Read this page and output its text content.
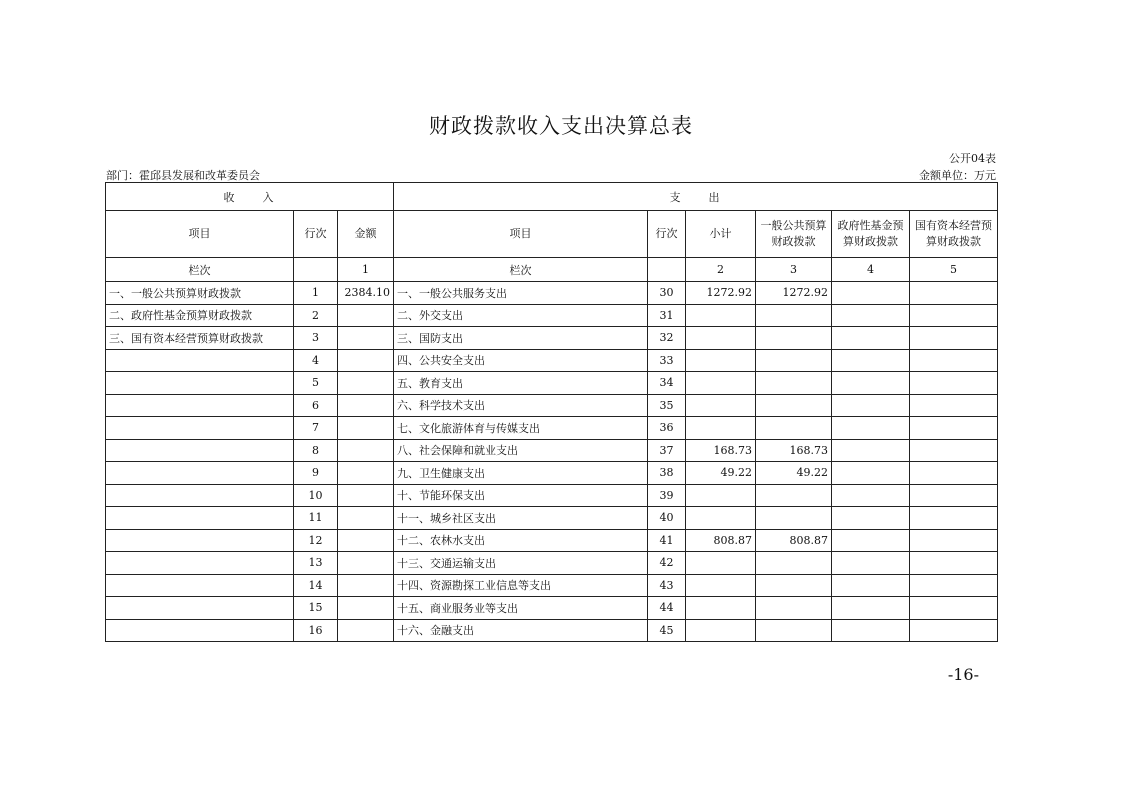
财政拨款收入支出决算总表
公开04表
部门：霍邱县发展和改革委员会	金额单位：万元
收　　入			支　　出					
项目	行次	金额	项目	行次	小计	一般公共预算财政拨款	政府性基金预算财政拨款	国有资本经营预算财政拨款
栏次		1	栏次		2	3	4	5
一、一般公共预算财政拨款	1	2384.10	一、一般公共服务支出	30	1272.92	1272.92		
二、政府性基金预算财政拨款	2		二、外交支出	31				
三、国有资本经营预算财政拨款	3		三、国防支出	32				
	4		四、公共安全支出	33				
	5		五、教育支出	34				
	6		六、科学技术支出	35				
	7		七、文化旅游体育与传媒支出	36				
	8		八、社会保障和就业支出	37	168.73	168.73		
	9		九、卫生健康支出	38	49.22	49.22		
	10		十、节能环保支出	39				
	11		十一、城乡社区支出	40				
	12		十二、农林水支出	41	808.87	808.87		
	13		十三、交通运输支出	42				
	14		十四、资源勘探工业信息等支出	43				
	15		十五、商业服务业等支出	44				
	16		十六、金融支出	45				
-16-
